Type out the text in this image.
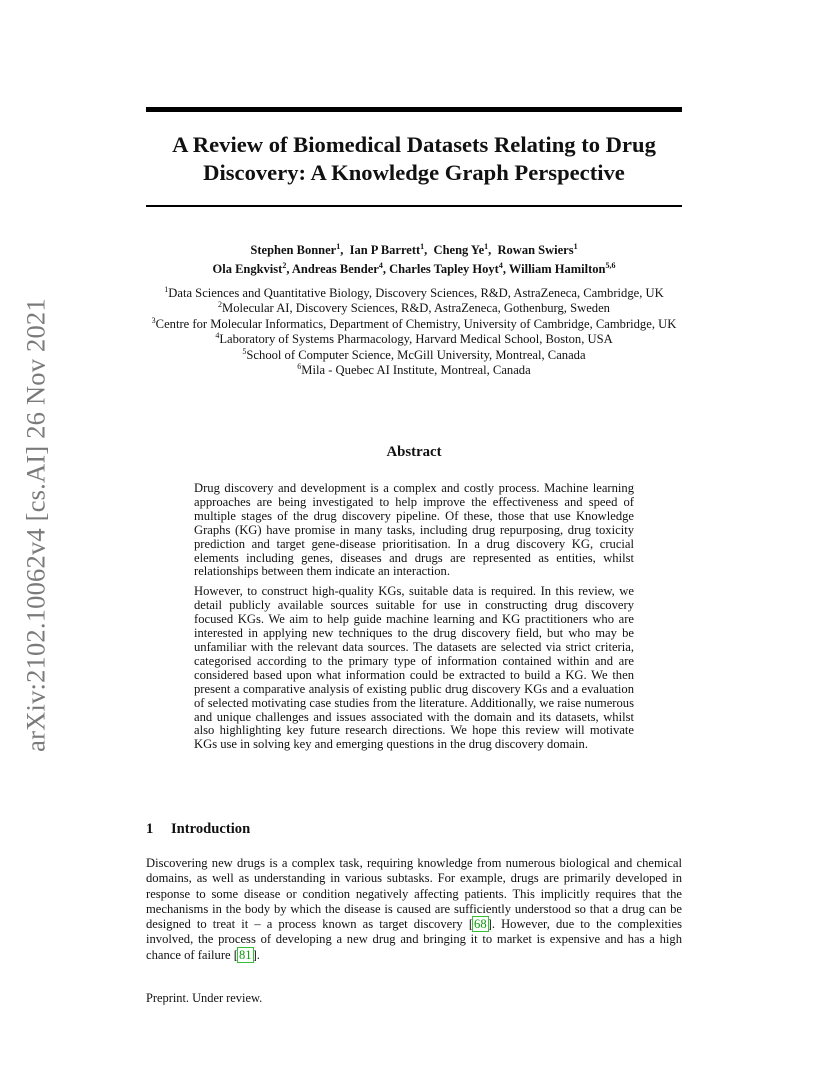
arXiv:2102.10062v4 [cs.AI] 26 Nov 2021
A Review of Biomedical Datasets Relating to Drug Discovery: A Knowledge Graph Perspective
Stephen Bonner$^1$,  Ian P Barrett$^1$,  Cheng Ye$^1$,  Rowan Swiers$^1$
Ola Engkvist$^2$, Andreas Bender$^4$, Charles Tapley Hoyt$^4$, William Hamilton$^{5,6}$
$^1$Data Sciences and Quantitative Biology, Discovery Sciences, R&D, AstraZeneca, Cambridge, UK
$^2$Molecular AI, Discovery Sciences, R&D, AstraZeneca, Gothenburg, Sweden
$^3$Centre for Molecular Informatics, Department of Chemistry, University of Cambridge, Cambridge, UK
$^4$Laboratory of Systems Pharmacology, Harvard Medical School, Boston, USA
$^5$School of Computer Science, McGill University, Montreal, Canada
$^6$Mila - Quebec AI Institute, Montreal, Canada
Abstract

Drug discovery and development is a complex and costly process. Machine learning approaches are being investigated to help improve the effectiveness and speed of multiple stages of the drug discovery pipeline. Of these, those that use Knowledge Graphs (KG) have promise in many tasks, including drug repurposing, drug toxicity prediction and target gene-disease prioritisation. In a drug discovery KG, crucial elements including genes, diseases and drugs are represented as entities, whilst relationships between them indicate an interaction.

However, to construct high-quality KGs, suitable data is required. In this review, we detail publicly available sources suitable for use in constructing drug discovery focused KGs. We aim to help guide machine learning and KG practitioners who are interested in applying new techniques to the drug discovery field, but who may be unfamiliar with the relevant data sources. The datasets are selected via strict criteria, categorised according to the primary type of information contained within and are considered based upon what information could be extracted to build a KG. We then present a comparative analysis of existing public drug discovery KGs and a evaluation of selected motivating case studies from the literature. Additionally, we raise numerous and unique challenges and issues associated with the domain and its datasets, whilst also highlighting key future research directions. We hope this review will motivate KGs use in solving key and emerging questions in the drug discovery domain.

1 Introduction

Discovering new drugs is a complex task, requiring knowledge from numerous biological and chemical domains, as well as understanding in various subtasks. For example, drugs are primarily developed in response to some disease or condition negatively affecting patients. This implicitly requires that the mechanisms in the body by which the disease is caused are sufficiently understood so that a drug can be designed to treat it – a process known as target discovery [68]. However, due to the complexities involved, the process of developing a new drug and bringing it to market is expensive and has a high chance of failure [81].

Preprint. Under review.
